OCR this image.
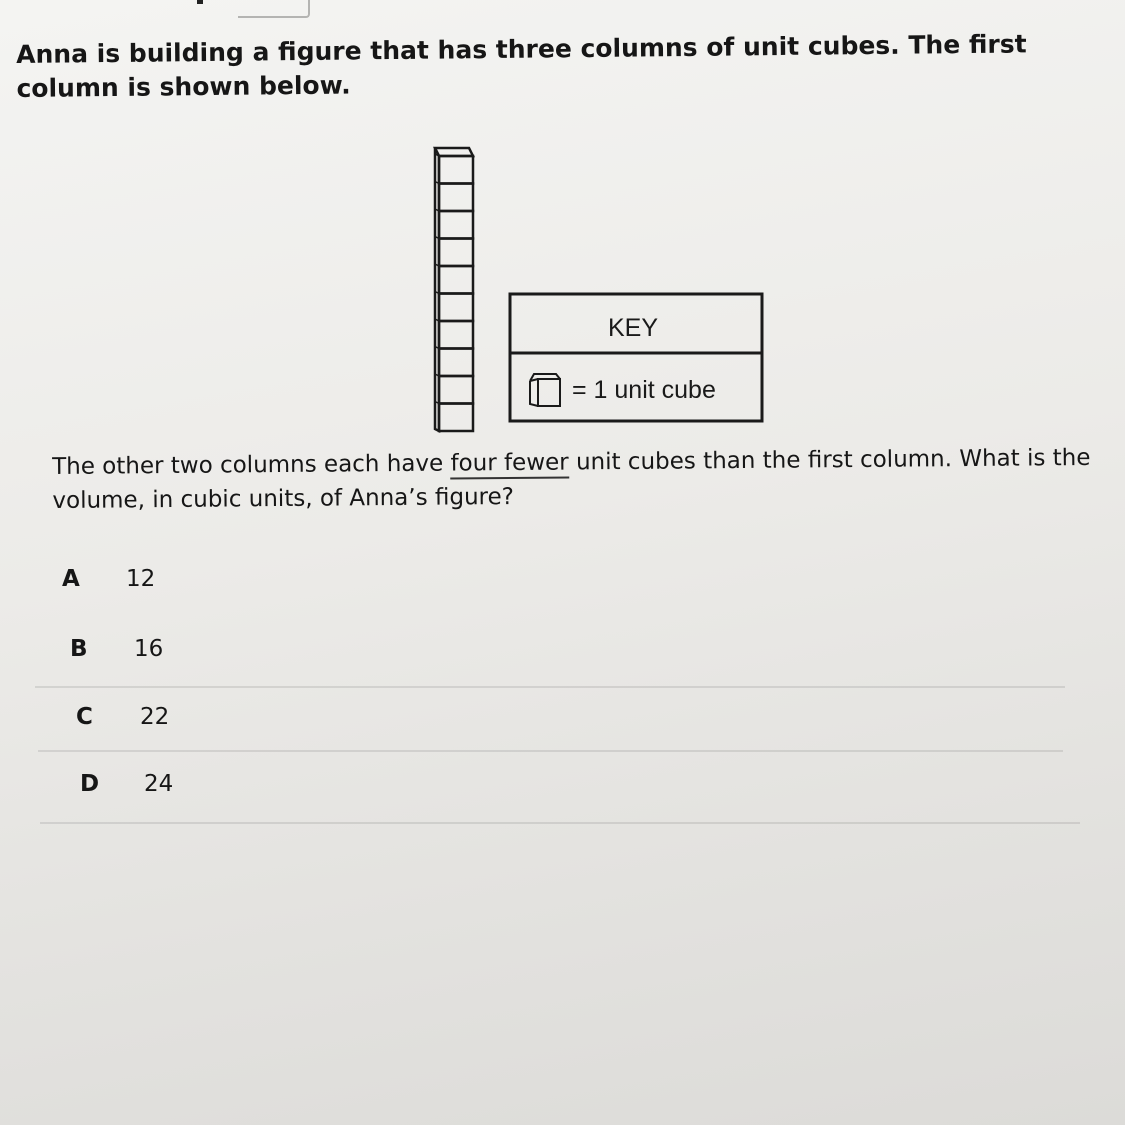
Anna is building a figure that has three columns of unit cubes. The first column is shown below.
KEY
= 1 unit cube
The other two columns each have four fewer unit cubes than the first column. What is the volume, in cubic units, of Anna’s figure?
A	12
B	16
C	22
D	24
